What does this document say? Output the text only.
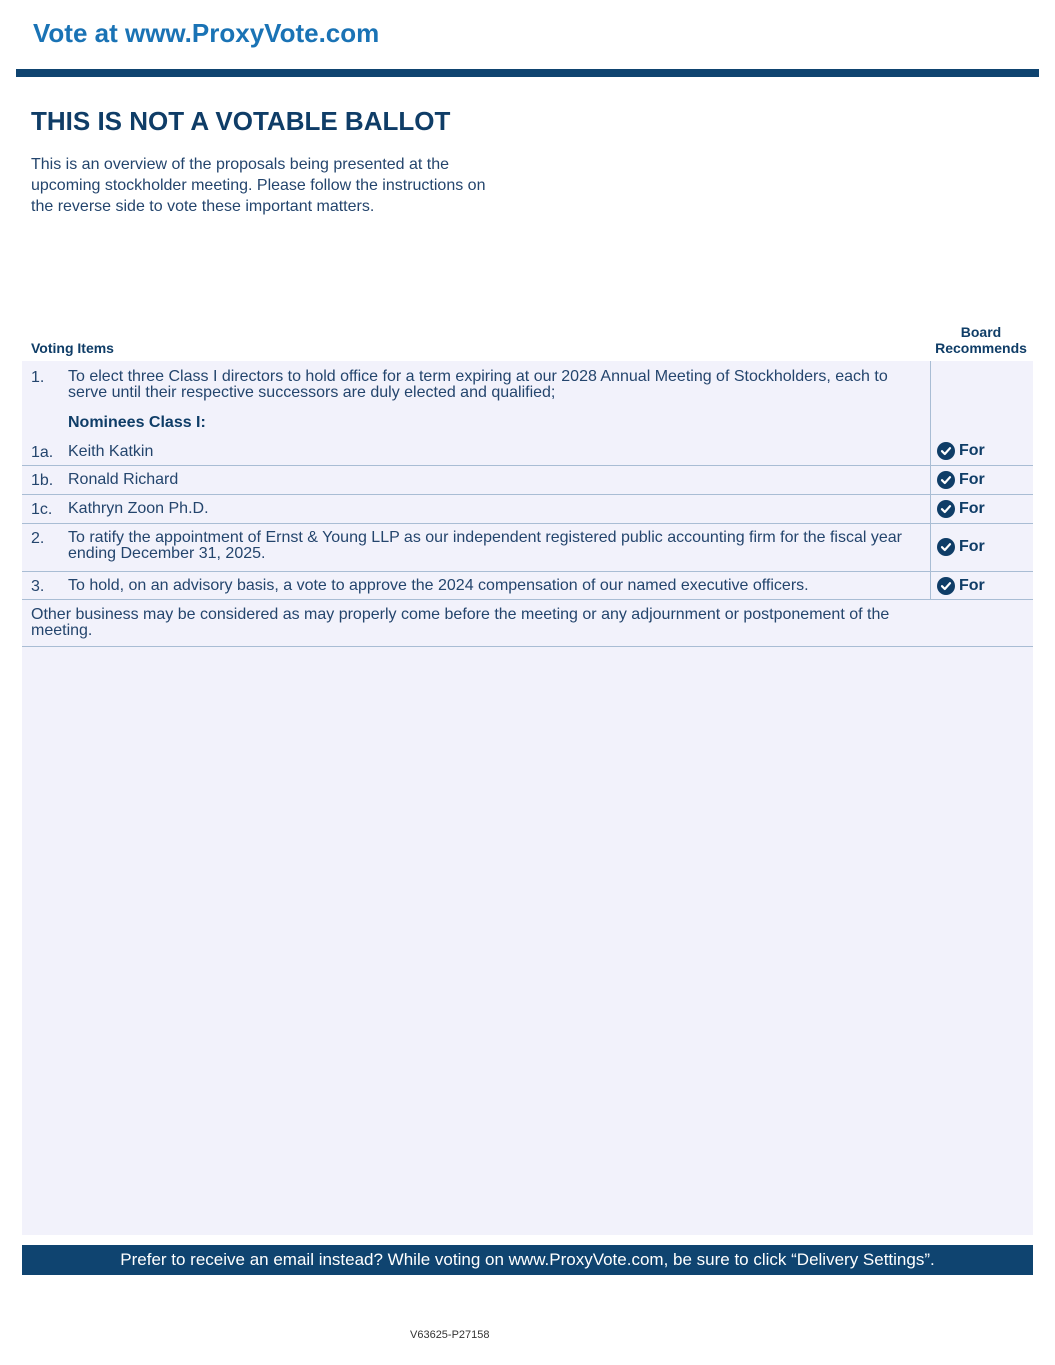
Vote at www.ProxyVote.com
THIS IS NOT A VOTABLE BALLOT
This is an overview of the proposals being presented at the
upcoming stockholder meeting. Please follow the instructions on
the reverse side to vote these important matters.
Voting Items
Board
Recommends
1. To elect three Class I directors to hold office for a term expiring at our 2028 Annual Meeting of Stockholders, each to
serve until their respective successors are duly elected and qualified;
Nominees Class I:
1a. Keith Katkin	For
1b. Ronald Richard	For
1c. Kathryn Zoon Ph.D.	For
2. To ratify the appointment of Ernst & Young LLP as our independent registered public accounting firm for the fiscal year
ending December 31, 2025.	For
3. To hold, on an advisory basis, a vote to approve the 2024 compensation of our named executive officers.	For
Other business may be considered as may properly come before the meeting or any adjournment or postponement of the
meeting.
Prefer to receive an email instead? While voting on www.ProxyVote.com, be sure to click “Delivery Settings”.
V63625-P27158
